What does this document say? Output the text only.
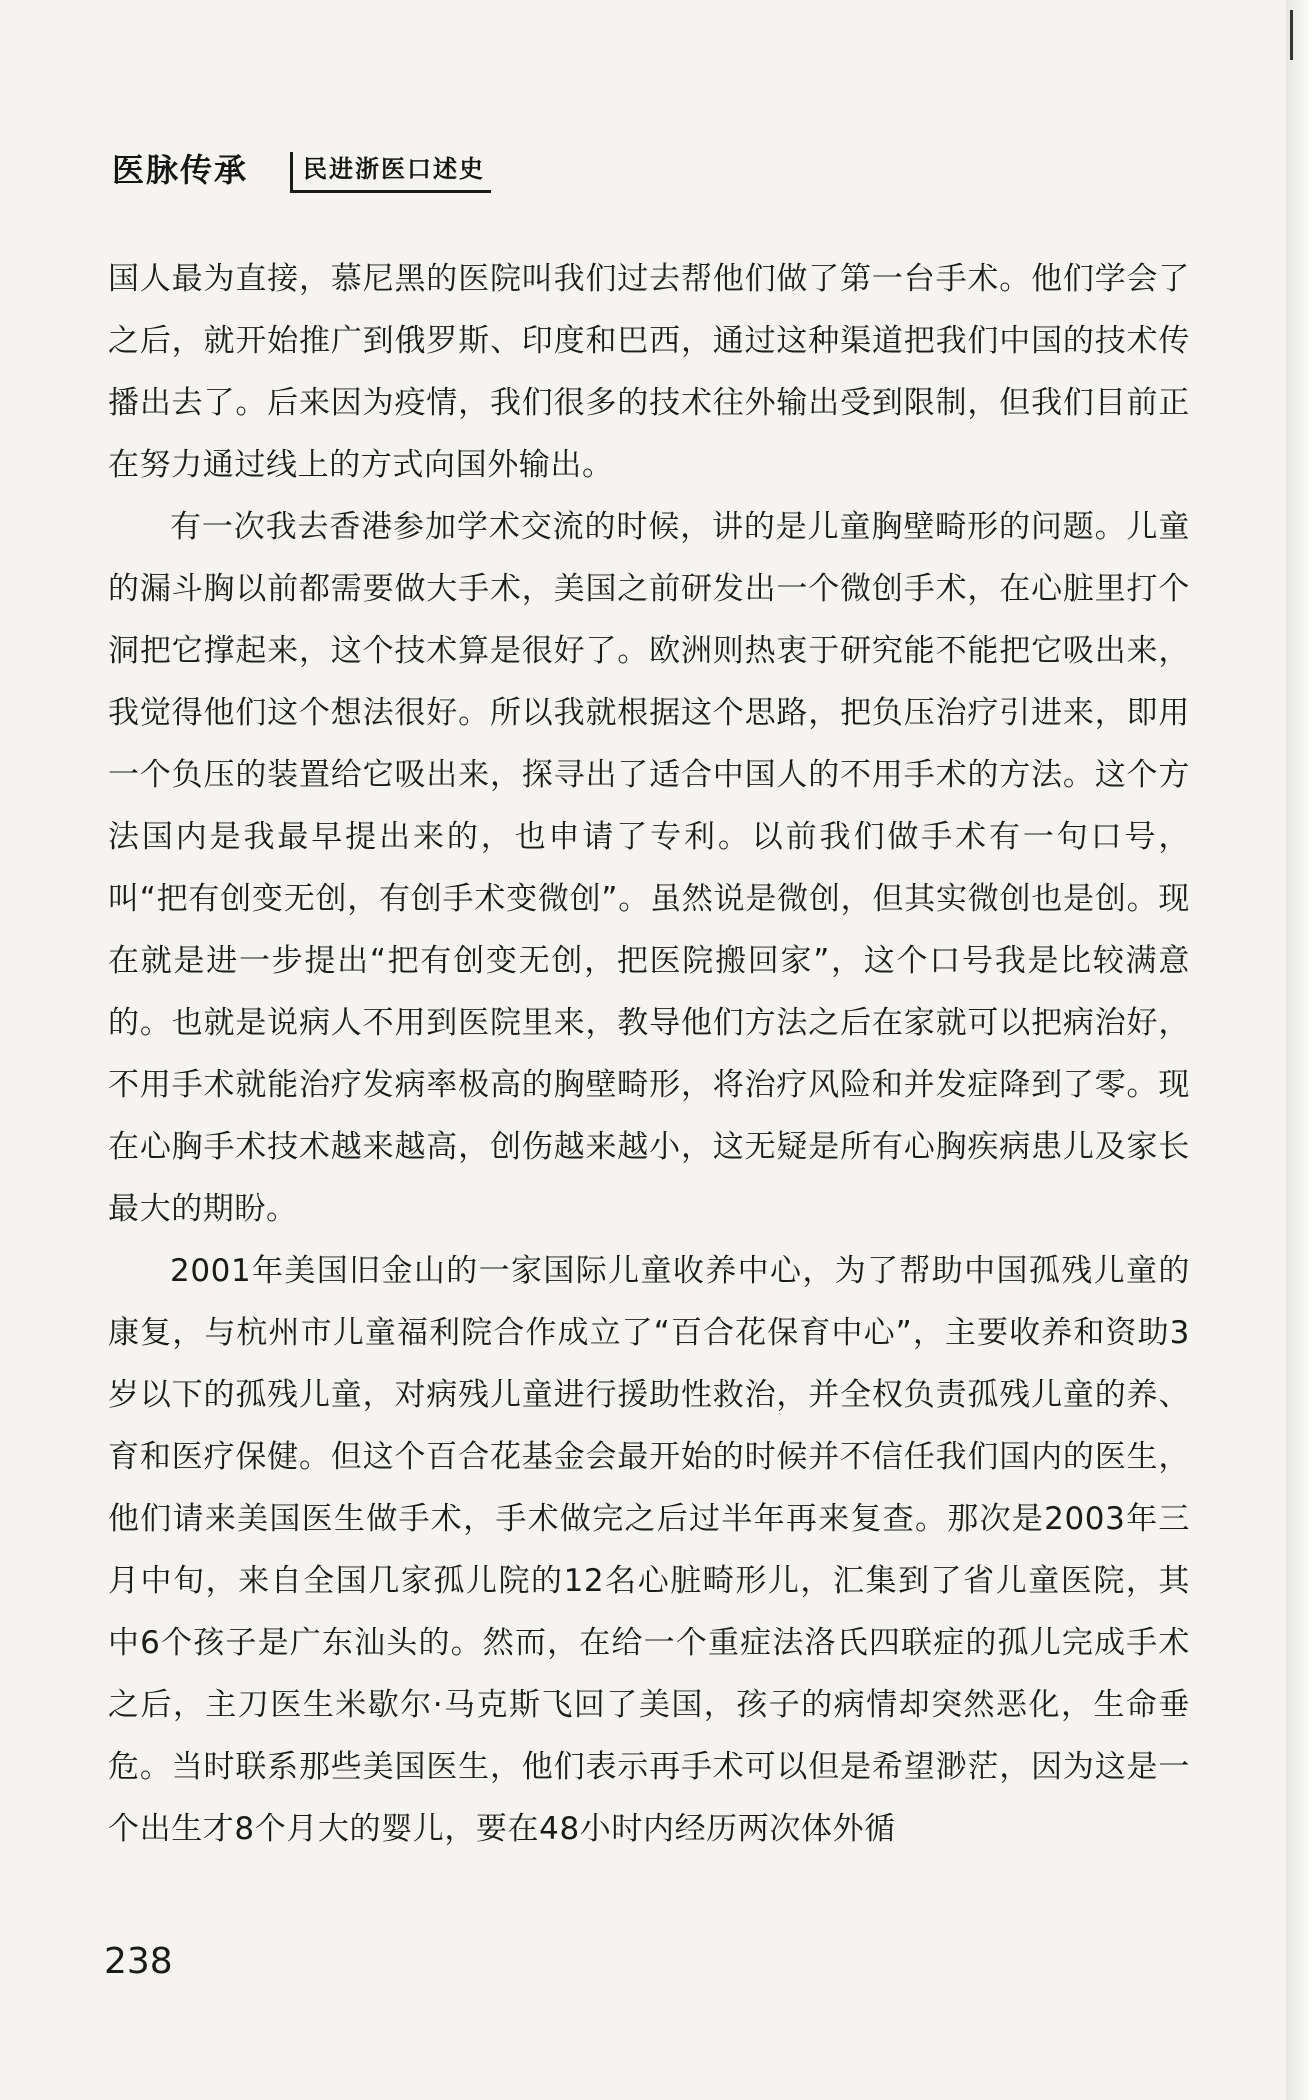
医脉传承	民进浙医口述史

国人最为直接，慕尼黑的医院叫我们过去帮他们做了第一台手术。他们学会了之后，就开始推广到俄罗斯、印度和巴西，通过这种渠道把我们中国的技术传播出去了。后来因为疫情，我们很多的技术往外输出受到限制，但我们目前正在努力通过线上的方式向国外输出。

有一次我去香港参加学术交流的时候，讲的是儿童胸壁畸形的问题。儿童的漏斗胸以前都需要做大手术，美国之前研发出一个微创手术，在心脏里打个洞把它撑起来，这个技术算是很好了。欧洲则热衷于研究能不能把它吸出来，我觉得他们这个想法很好。所以我就根据这个思路，把负压治疗引进来，即用一个负压的装置给它吸出来，探寻出了适合中国人的不用手术的方法。这个方法国内是我最早提出来的，也申请了专利。以前我们做手术有一句口号，叫“把有创变无创，有创手术变微创”。虽然说是微创，但其实微创也是创。现在就是进一步提出“把有创变无创，把医院搬回家”，这个口号我是比较满意的。也就是说病人不用到医院里来，教导他们方法之后在家就可以把病治好，不用手术就能治疗发病率极高的胸壁畸形，将治疗风险和并发症降到了零。现在心胸手术技术越来越高，创伤越来越小，这无疑是所有心胸疾病患儿及家长最大的期盼。

2001年美国旧金山的一家国际儿童收养中心，为了帮助中国孤残儿童的康复，与杭州市儿童福利院合作成立了“百合花保育中心”，主要收养和资助3岁以下的孤残儿童，对病残儿童进行援助性救治，并全权负责孤残儿童的养、育和医疗保健。但这个百合花基金会最开始的时候并不信任我们国内的医生，他们请来美国医生做手术，手术做完之后过半年再来复查。那次是2003年三月中旬，来自全国几家孤儿院的12名心脏畸形儿，汇集到了省儿童医院，其中6个孩子是广东汕头的。然而，在给一个重症法洛氏四联症的孤儿完成手术之后，主刀医生米歇尔·马克斯飞回了美国，孩子的病情却突然恶化，生命垂危。当时联系那些美国医生，他们表示再手术可以但是希望渺茫，因为这是一个出生才8个月大的婴儿，要在48小时内经历两次体外循

238
